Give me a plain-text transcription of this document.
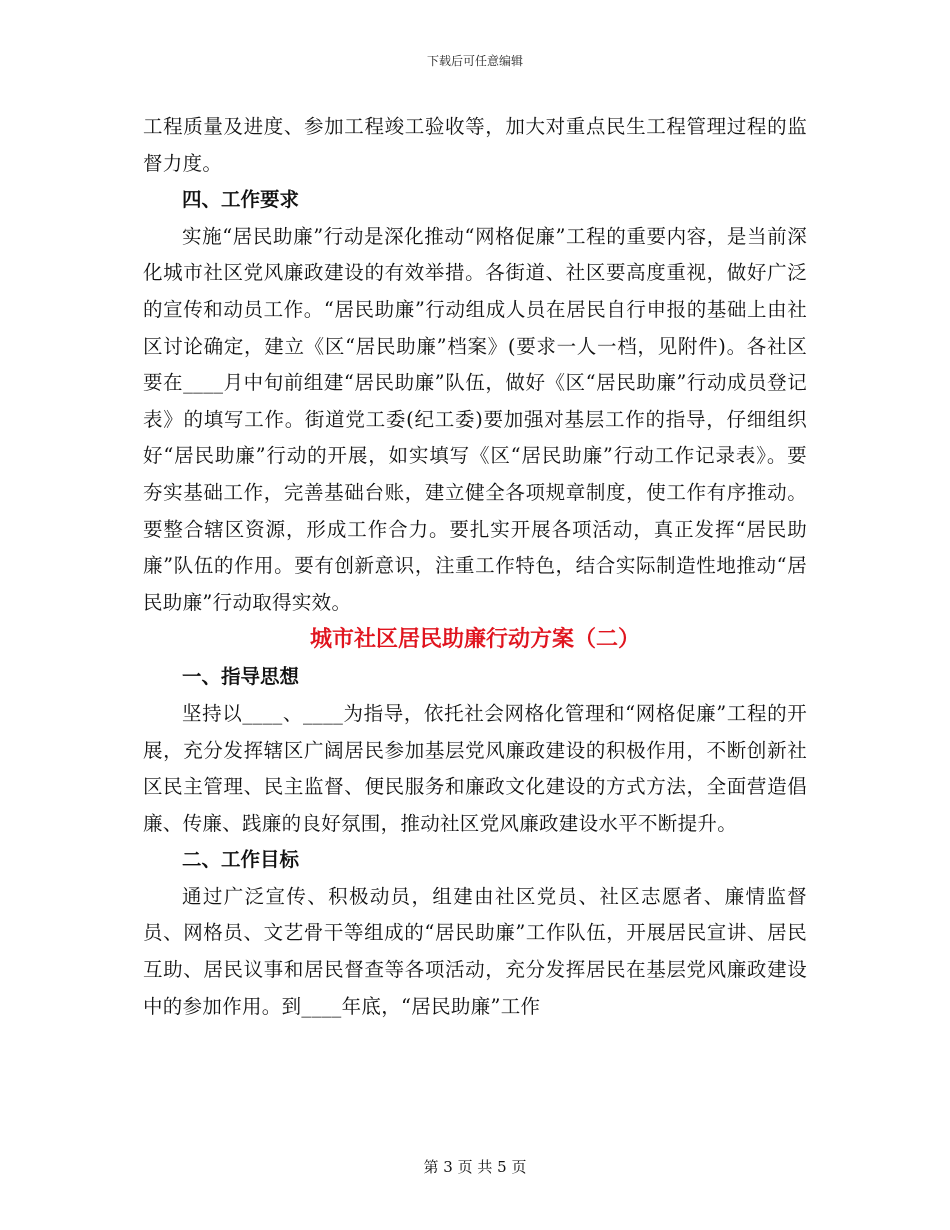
下载后可任意编辑

工程质量及进度、参加工程竣工验收等，加大对重点民生工程管理过程的监督力度。

四、工作要求

实施“居民助廉”行动是深化推动“网格促廉”工程的重要内容，是当前深化城市社区党风廉政建设的有效举措。各街道、社区要高度重视，做好广泛的宣传和动员工作。“居民助廉”行动组成人员在居民自行申报的基础上由社区讨论确定，建立《区“居民助廉”档案》(要求一人一档，见附件)。各社区要在____月中旬前组建“居民助廉”队伍，做好《区“居民助廉”行动成员登记表》的填写工作。街道党工委(纪工委)要加强对基层工作的指导，仔细组织好“居民助廉”行动的开展，如实填写《区“居民助廉”行动工作记录表》。要夯实基础工作，完善基础台账，建立健全各项规章制度，使工作有序推动。要整合辖区资源，形成工作合力。要扎实开展各项活动，真正发挥“居民助廉”队伍的作用。要有创新意识，注重工作特色，结合实际制造性地推动“居民助廉”行动取得实效。

城市社区居民助廉行动方案（二）

一、指导思想

坚持以____、____为指导，依托社会网格化管理和“网格促廉”工程的开展，充分发挥辖区广阔居民参加基层党风廉政建设的积极作用，不断创新社区民主管理、民主监督、便民服务和廉政文化建设的方式方法，全面营造倡廉、传廉、践廉的良好氛围，推动社区党风廉政建设水平不断提升。

二、工作目标

通过广泛宣传、积极动员，组建由社区党员、社区志愿者、廉情监督员、网格员、文艺骨干等组成的“居民助廉”工作队伍，开展居民宣讲、居民互助、居民议事和居民督查等各项活动，充分发挥居民在基层党风廉政建设中的参加作用。到____年底，“居民助廉”工作

第 3 页 共 5 页
